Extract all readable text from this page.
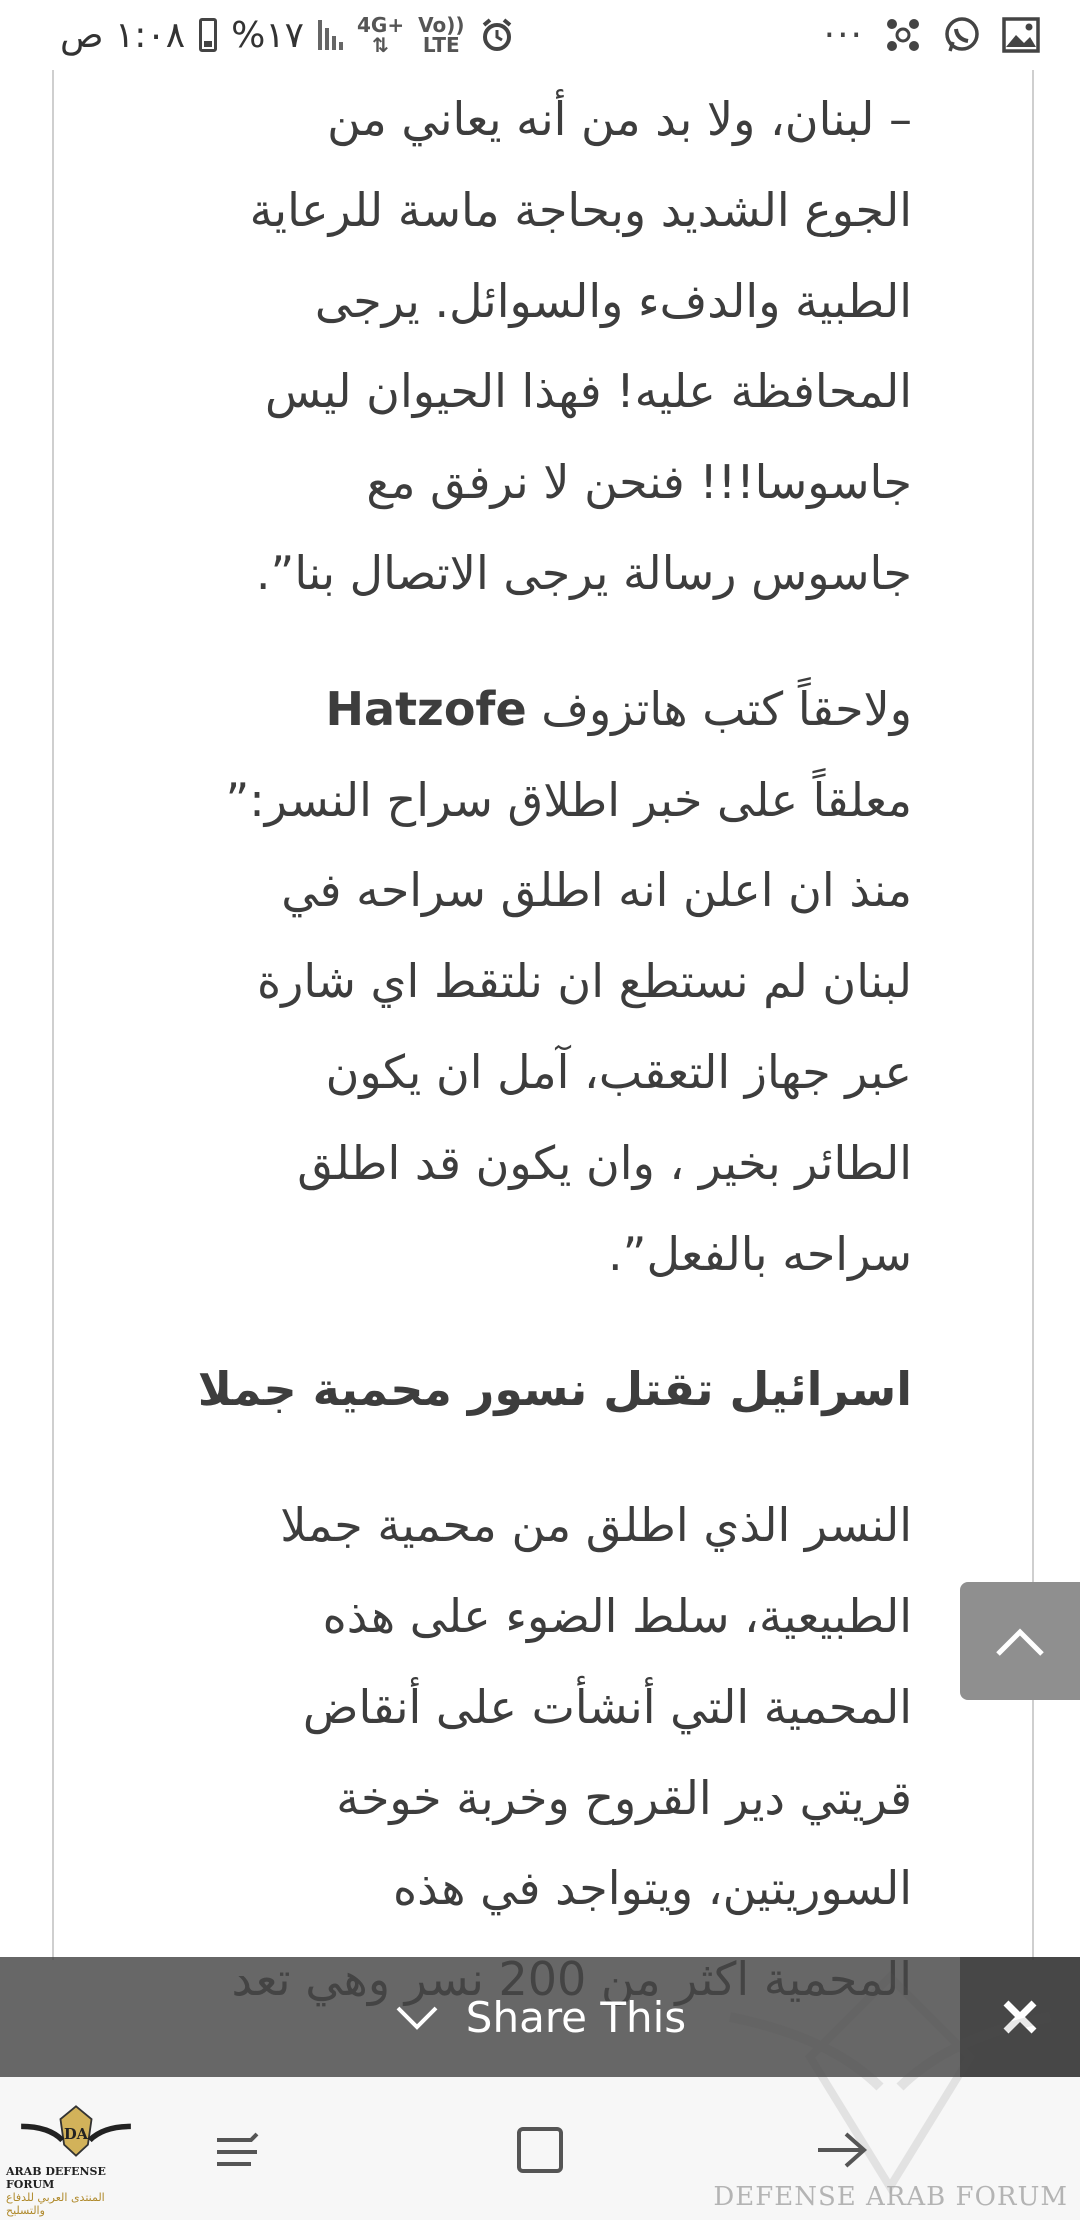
١:٠٨ ص %١٧	4G+
⇅
Vo))
LTE	···

– لبنان، ولا بد من أنه يعاني من
الجوع الشديد وبحاجة ماسة للرعاية
الطبية والدفء والسوائل. يرجى
المحافظة عليه! فهذا الحيوان ليس
جاسوسا!!! فنحن لا نرفق مع
جاسوس رسالة يرجى الاتصال بنا”.

ولاحقاً كتب هاتزوف Hatzofe
معلقاً على خبر اطلاق سراح النسر:”
منذ ان اعلن انه اطلق سراحه في
لبنان لم نستطع ان نلتقط اي شارة
عبر جهاز التعقب، آمل ان يكون
الطائر بخير ، وان يكون قد اطلق
سراحه بالفعل”.

اسرائيل تقتل نسور محمية جملا

النسر الذي اطلق من محمية جملا
الطبيعية، سلط الضوء على هذه
المحمية التي أنشأت على أنقاض
قريتي دير القروح وخربة خوخة
السوريتين، ويتواجد في هذه

Share This
DEFENSE ARAB FORUM
DA
ARAB DEFENSE FORUM
المنتدى العربي للدفاع والتسليح
